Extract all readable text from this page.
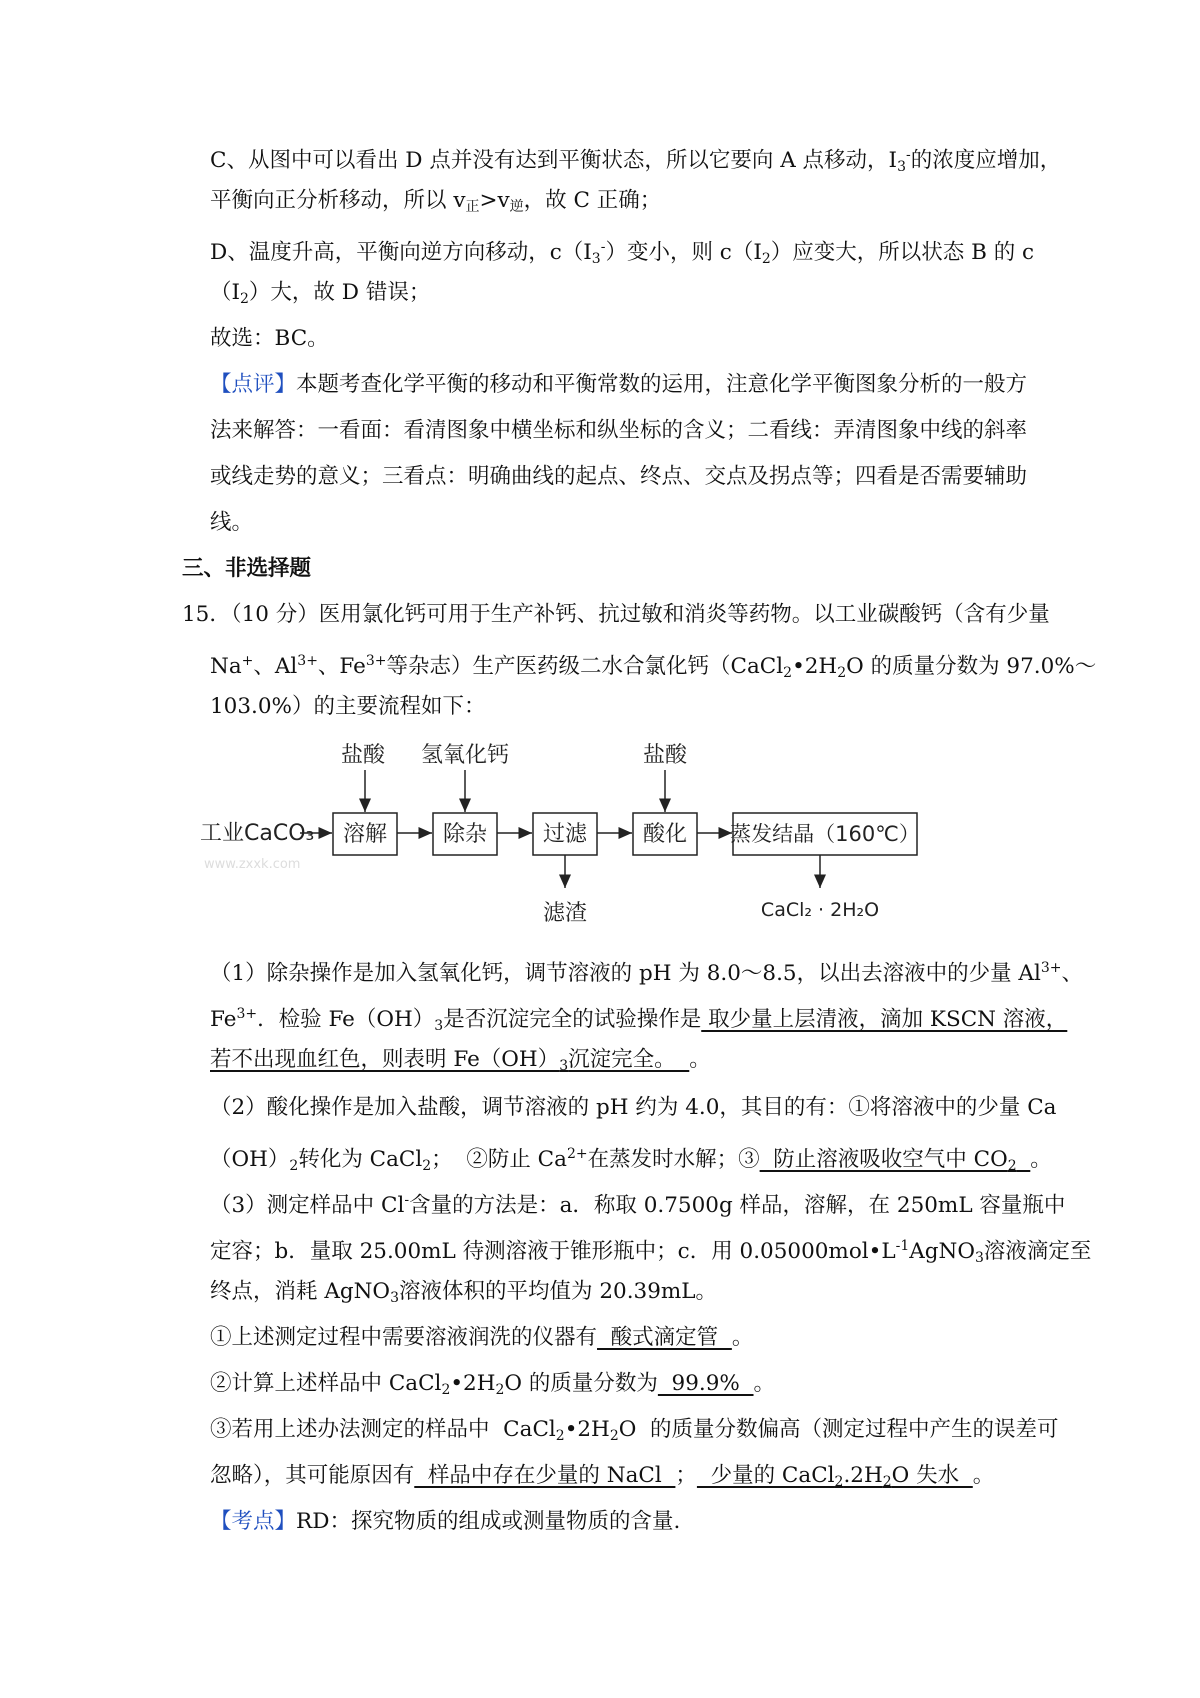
C、从图中可以看出 D 点并没有达到平衡状态，所以它要向 A 点移动，$I_3^-$的浓度应增加，
平衡向正分析移动，所以 $v_正>v_逆$，故 C 正确；
D、温度升高，平衡向逆方向移动，$c(I_3^-)$变小，则 $c(I_2)$应变大，所以状态 B 的 c
$(I_2)$大，故 D 错误；
故选：BC。
【点评】本题考查化学平衡的移动和平衡常数的运用，注意化学平衡图象分析的一般方
法来解答：一看面：看清图象中横坐标和纵坐标的含义；二看线：弄清图象中线的斜率
或线走势的意义；三看点：明确曲线的起点、终点、交点及拐点等；四看是否需要辅助
线。
三、非选择题
15．（10 分）医用氯化钙可用于生产补钙、抗过敏和消炎等药物。以工业碳酸钙（含有少量
Na+、$Al^{3+}$、$Fe^{3+}$等杂志）生产医药级二水合氯化钙（$CaCl_2•2H_2O$ 的质量分数为 97.0%～
103.0%）的主要流程如下：
工业CaCO₃
www.zxxk.com
溶解	除杂	过滤	酸化 蒸发结晶（160℃）
盐酸 氢氧化钙	盐酸
滤渣	CaCl₂ · 2H₂O
（1）除杂操作是加入氢氧化钙，调节溶液的 pH 为 8.0～8.5，以出去溶液中的少量 $Al^{3+}$、
$Fe^{3+}$．检验 $Fe(OH)_3$是否沉淀完全的试验操作是 取少量上层清液，滴加 KSCN 溶液，
若不出现血红色，则表明 $Fe(OH)_3$沉淀完全。  。
（2）酸化操作是加入盐酸，调节溶液的 pH 约为 4.0，其目的有：①将溶液中的少量 Ca
$(OH)_2$转化为 CaCl$_2$；  ②防止 $Ca^{2+}$在蒸发时水解；③  防止溶液吸收空气中 $CO_2$ 。
（3）测定样品中 Cl-含量的方法是：a．称取 0.7500g 样品，溶解，在 250mL 容量瓶中
定容；b．量取 25.00mL 待测溶液于锥形瓶中；c．用 $0.05000mol•L^{-1}AgNO_3$溶液滴定至
终点，消耗 AgNO$_3$溶液体积的平均值为 20.39mL。
①上述测定过程中需要溶液润洗的仪器有  酸式滴定管  。
②计算上述样品中 $CaCl_2•2H_2O$ 的质量分数为  99.9%  。
③若用上述办法测定的样品中  $CaCl_2•2H_2O$  的质量分数偏高（测定过程中产生的误差可
忽略），其可能原因有  样品中存在少量的 NaCl  ；  少量的 $CaCl_2.2H_2O$ 失水  。
【考点】RD：探究物质的组成或测量物质的含量.
